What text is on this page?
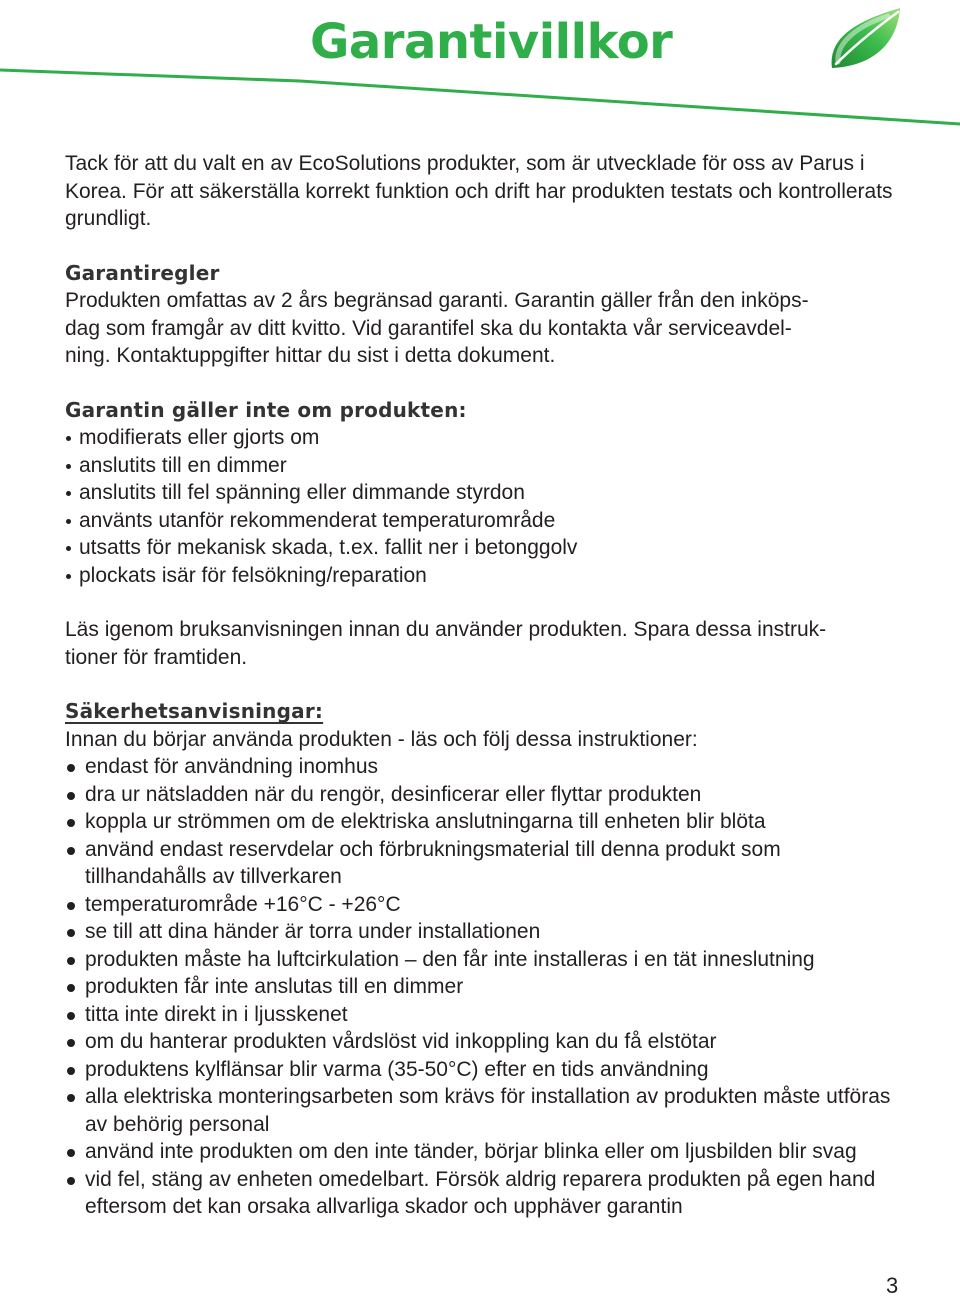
Garantivillkor

Tack för att du valt en av EcoSolutions produkter, som är utvecklade för oss av Parus i Korea. För att säkerställa korrekt funktion och drift har produkten testats och kontrollerats grundligt.

Garantiregler
Produkten omfattas av 2 års begränsad garanti. Garantin gäller från den inköps-
dag som framgår av ditt kvitto. Vid garantifel ska du kontakta vår serviceavdel-
ning. Kontaktuppgifter hittar du sist i detta dokument.
Garantin gäller inte om produkten:
modifierats eller gjorts om
anslutits till en dimmer
anslutits till fel spänning eller dimmande styrdon
använts utanför rekommenderat temperaturområde
utsatts för mekanisk skada, t.ex. fallit ner i betonggolv
plockats isär för felsökning/reparation
Läs igenom bruksanvisningen innan du använder produkten. Spara dessa instruk-
tioner för framtiden.
Säkerhetsanvisningar:
Innan du börjar använda produkten - läs och följ dessa instruktioner:
endast för användning inomhus
dra ur nätsladden när du rengör, desinficerar eller flyttar produkten
koppla ur strömmen om de elektriska anslutningarna till enheten blir blöta
använd endast reservdelar och förbrukningsmaterial till denna produkt som tillhandahålls av tillverkaren
temperaturområde +16°C - +26°C
se till att dina händer är torra under installationen
produkten måste ha luftcirkulation – den får inte installeras i en tät inneslutning
produkten får inte anslutas till en dimmer
titta inte direkt in i ljusskenet
om du hanterar produkten vårdslöst vid inkoppling kan du få elstötar
produktens kylflänsar blir varma (35-50°C) efter en tids användning
alla elektriska monteringsarbeten som krävs för installation av produkten måste utföras av behörig personal
använd inte produkten om den inte tänder, börjar blinka eller om ljusbilden blir svag
vid fel, stäng av enheten omedelbart. Försök aldrig reparera produkten på egen hand eftersom det kan orsaka allvarliga skador och upphäver garantin
3
